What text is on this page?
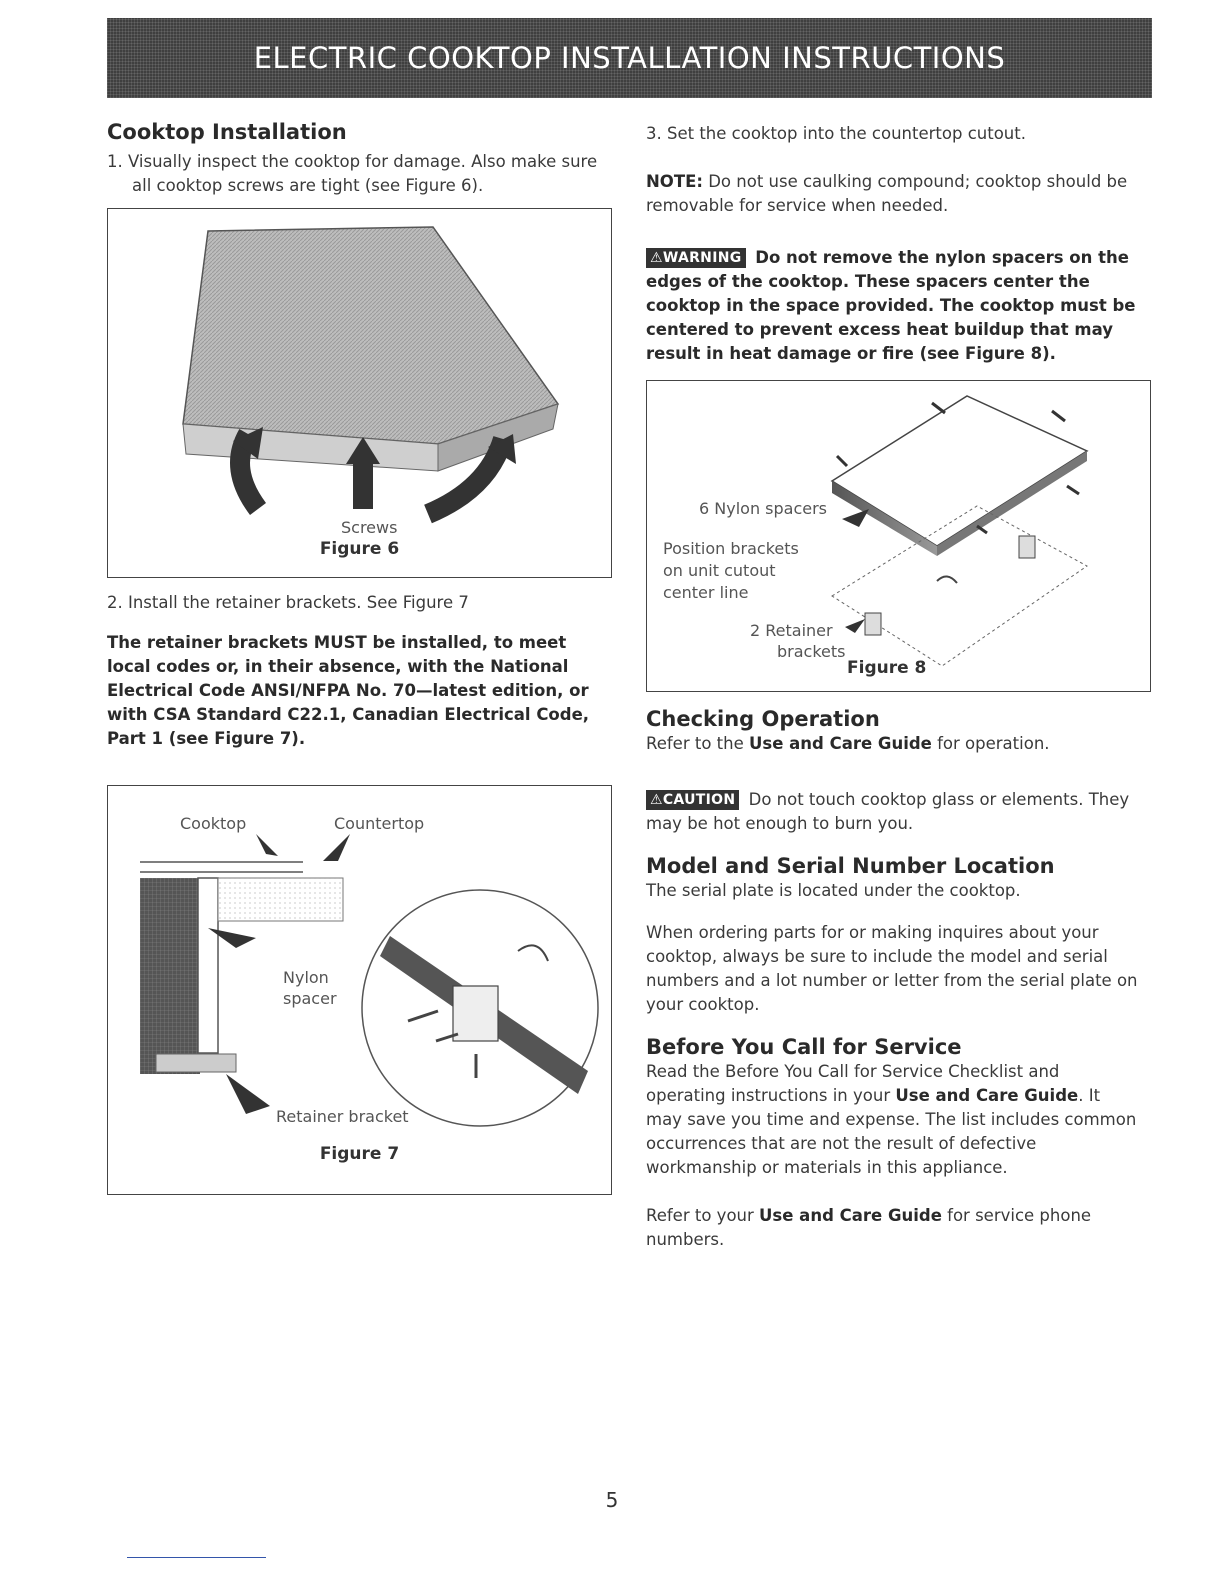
ELECTRIC COOKTOP INSTALLATION INSTRUCTIONS
Cooktop Installation

1. Visually inspect the cooktop for damage. Also make sure all cooktop screws are tight (see Figure 6).

Screws
Figure 6

2. Install the retainer brackets. See Figure 7

The retainer brackets MUST be installed, to meet local codes or, in their absence, with the National Electrical Code ANSI/NFPA No. 70—latest edition, or with CSA Standard C22.1, Canadian Electrical Code, Part 1 (see Figure 7).

Cooktop	Countertop
Nylon
spacer
Retainer bracket
Figure 7

3. Set the cooktop into the countertop cutout.

NOTE: Do not use caulking compound; cooktop should be removable for service when needed.

⚠WARNING Do not remove the nylon spacers on the edges of the cooktop. These spacers center the cooktop in the space provided. The cooktop must be centered to prevent excess heat buildup that may result in heat damage or fire (see Figure 8).

6 Nylon spacers
Position brackets
on unit cutout
center line
2 Retainer
brackets
Figure 8
Checking Operation

Refer to the Use and Care Guide for operation.

⚠CAUTION Do not touch cooktop glass or elements. They may be hot enough to burn you.

Model and Serial Number Location

The serial plate is located under the cooktop.

When ordering parts for or making inquires about your cooktop, always be sure to include the model and serial numbers and a lot number or letter from the serial plate on your cooktop.

Before You Call for Service

Read the Before You Call for Service Checklist and operating instructions in your Use and Care Guide. It may save you time and expense. The list includes common occurrences that are not the result of defective workmanship or materials in this appliance.

Refer to your Use and Care Guide for service phone numbers.

5
